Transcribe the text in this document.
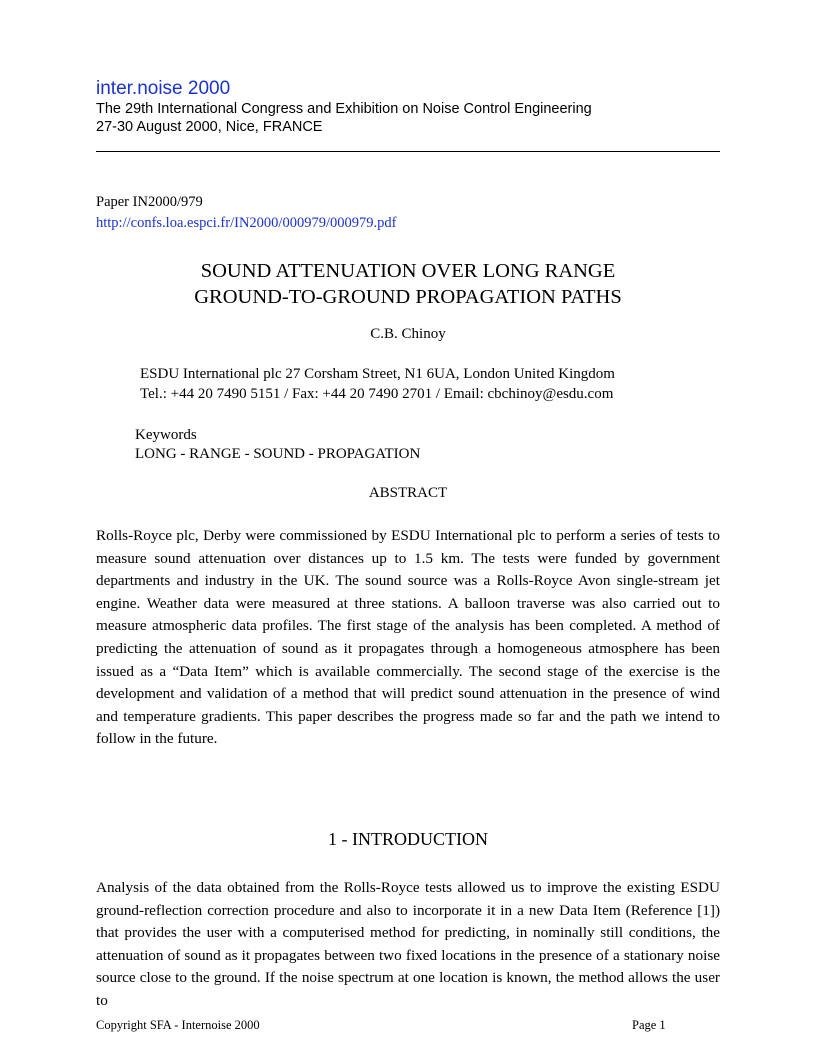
inter.noise 2000
The 29th International Congress and Exhibition on Noise Control Engineering
27-30 August 2000, Nice, FRANCE
Paper IN2000/979
http://confs.loa.espci.fr/IN2000/000979/000979.pdf
SOUND ATTENUATION OVER LONG RANGE
GROUND-TO-GROUND PROPAGATION PATHS
C.B. Chinoy
ESDU International plc 27 Corsham Street, N1 6UA, London United Kingdom
Tel.: +44 20 7490 5151 / Fax: +44 20 7490 2701 / Email: cbchinoy@esdu.com
Keywords
LONG - RANGE - SOUND - PROPAGATION
ABSTRACT

Rolls-Royce plc, Derby were commissioned by ESDU International plc to perform a series of tests to measure sound attenuation over distances up to 1.5 km. The tests were funded by government departments and industry in the UK. The sound source was a Rolls-Royce Avon single-stream jet engine. Weather data were measured at three stations. A balloon traverse was also carried out to measure atmospheric data profiles. The first stage of the analysis has been completed. A method of predicting the attenuation of sound as it propagates through a homogeneous atmosphere has been issued as a “Data Item” which is available commercially. The second stage of the exercise is the development and validation of a method that will predict sound attenuation in the presence of wind and temperature gradients. This paper describes the progress made so far and the path we intend to follow in the future.

1 - INTRODUCTION

Analysis of the data obtained from the Rolls-Royce tests allowed us to improve the existing ESDU ground-reflection correction procedure and also to incorporate it in a new Data Item (Reference [1]) that provides the user with a computerised method for predicting, in nominally still conditions, the attenuation of sound as it propagates between two fixed locations in the presence of a stationary noise source close to the ground. If the noise spectrum at one location is known, the method allows the user to

Copyright SFA - Internoise 2000	Page 1
